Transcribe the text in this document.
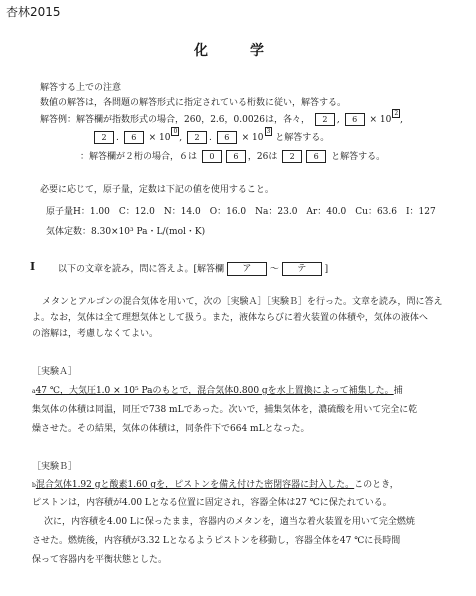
杏林2015
化　　　学
解答する上での注意
数値の解答は，各問題の解答形式に指定されている桁数に従い，解答する。
解答例：解答欄が指数形式の場合，260，2.6，0.0026は，各々， 2 , 6 × 102,
2 . 6 × 100, 2 . 6 × 103 と解答する。
：解答欄が２桁の場合，６は 0 6 ，26は 2 6 と解答する。
必要に応じて，原子量，定数は下記の値を使用すること。
原子量H：1.00　C：12.0　N：14.0　O：16.0　Na：23.0　Ar：40.0　Cu：63.6　I：127
気体定数：8.30×10³ Pa・L/(mol・K)
I	以下の文章を読み，問に答えよ。[解答欄 ア 〜 テ ]
メタンとアルゴンの混合気体を用いて，次の［実験Ａ］［実験Ｂ］を行った。文章を読み，問に答え
よ。なお，気体は全て理想気体として扱う。また，液体ならびに着火装置の体積や，気体の液体へ
の溶解は，考慮しなくてよい。
［実験Ａ］
a47 ℃，大気圧1.0 × 10⁵ Paのもとで，混合気体0.800 gを水上置換によって補集した。捕
集気体の体積は同温，同圧で738 mLであった。次いで，捕集気体を，濃硫酸を用いて完全に乾
燥させた。その結果，気体の体積は，同条件下で664 mLとなった。
［実験Ｂ］
b混合気体1.92 gと酸素1.60 gを，ピストンを備え付けた密閉容器に封入した。このとき，
ピストンは，内容積が4.00 Lとなる位置に固定され，容器全体は27 ℃に保たれている。
次に，内容積を4.00 Lに保ったまま，容器内のメタンを，適当な着火装置を用いて完全燃焼
させた。燃焼後，内容積が3.32 Lとなるようピストンを移動し，容器全体を47 ℃に長時間
保って容器内を平衡状態とした。
